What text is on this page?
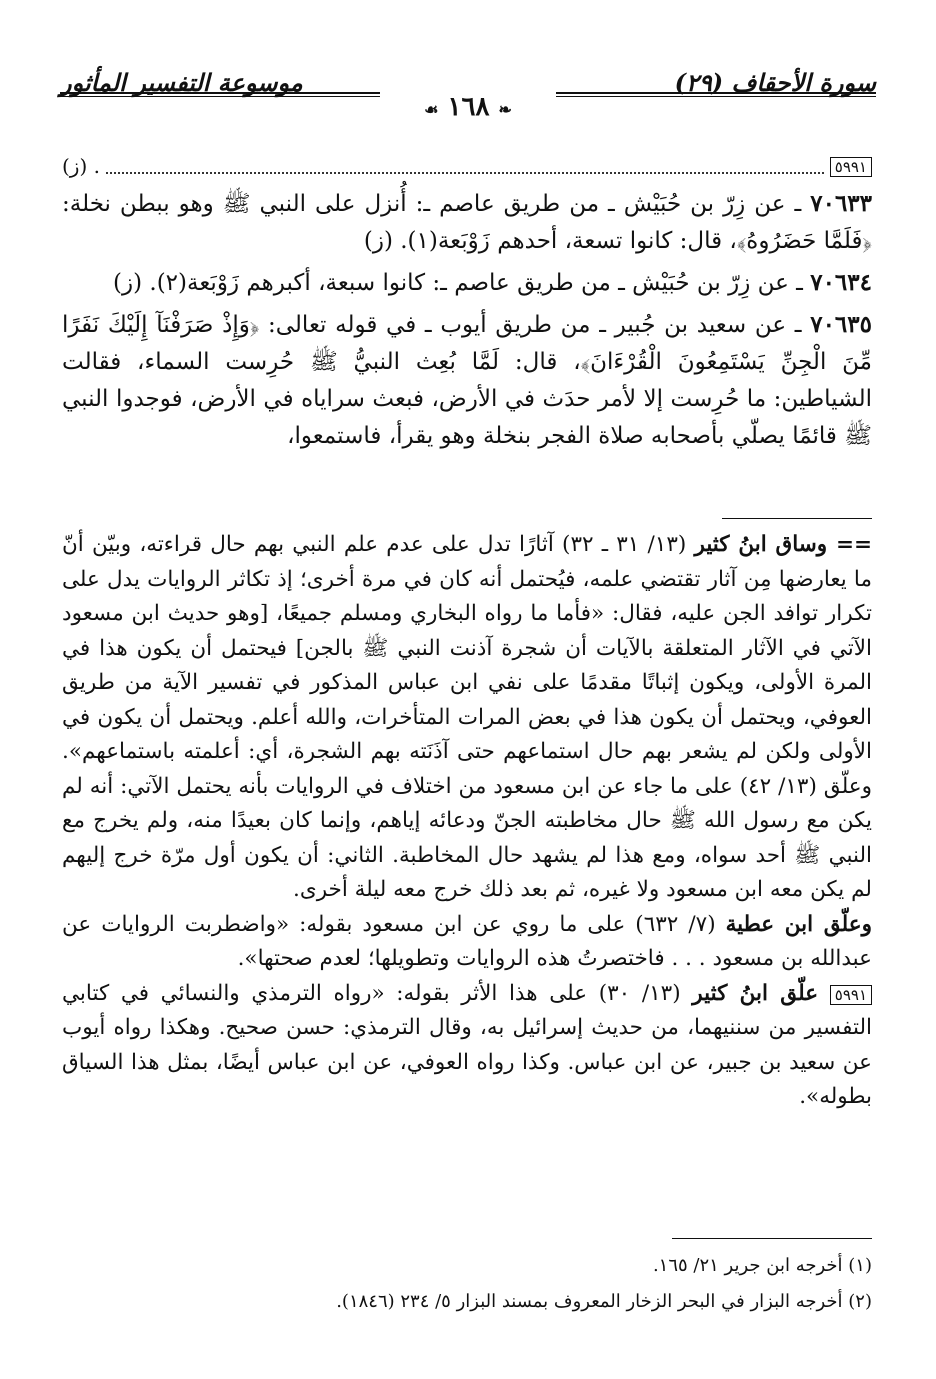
سورة الأحقاف (٢٩)
موسوعة التفسير المأثور
❧ ١٦٨ ☙
٥٩٩١
. (ز)

٧٠٦٣٣ ـ عن زِرّ بن حُبَيْش ـ من طريق عاصم ـ: أُنزل على النبي ﷺ وهو ببطن نخلة: ﴿فَلَمَّا حَضَرُوهُ﴾، قال: كانوا تسعة، أحدهم زَوْبَعة(١). (ز)

٧٠٦٣٤ ـ عن زِرّ بن حُبَيْش ـ من طريق عاصم ـ: كانوا سبعة، أكبرهم زَوْبَعة(٢). (ز)

٧٠٦٣٥ ـ عن سعيد بن جُبير ـ من طريق أيوب ـ في قوله تعالى: ﴿وَإِذْ صَرَفْنَآ إِلَيْكَ نَفَرًا مِّنَ الْجِنِّ يَسْتَمِعُونَ الْقُرْءَانَ﴾، قال: لَمَّا بُعِث النبيُّ ﷺ حُرِست السماء، فقالت الشياطين: ما حُرِست إلا لأمر حدَث في الأرض، فبعث سراياه في الأرض، فوجدوا النبي ﷺ قائمًا يصلّي بأصحابه صلاة الفجر بنخلة وهو يقرأ، فاستمعوا،

== وساق ابنُ كثير (١٣/ ٣١ ـ ٣٢) آثارًا تدل على عدم علم النبي بهم حال قراءته، وبيّن أنّ ما يعارضها مِن آثار تقتضي علمه، فيُحتمل أنه كان في مرة أخرى؛ إذ تكاثر الروايات يدل على تكرار توافد الجن عليه، فقال: «فأما ما رواه البخاري ومسلم جميعًا، [وهو حديث ابن مسعود الآتي في الآثار المتعلقة بالآيات أن شجرة آذنت النبي ﷺ بالجن] فيحتمل أن يكون هذا في المرة الأولى، ويكون إثباتًا مقدمًا على نفي ابن عباس المذكور في تفسير الآية من طريق العوفي، ويحتمل أن يكون هذا في بعض المرات المتأخرات، والله أعلم. ويحتمل أن يكون في الأولى ولكن لم يشعر بهم حال استماعهم حتى آذَنَته بهم الشجرة، أي: أعلمته باستماعهم». وعلّق (١٣/ ٤٢) على ما جاء عن ابن مسعود من اختلاف في الروايات بأنه يحتمل الآتي: أنه لم يكن مع رسول الله ﷺ حال مخاطبته الجنّ ودعائه إياهم، وإنما كان بعيدًا منه، ولم يخرج مع النبي ﷺ أحد سواه، ومع هذا لم يشهد حال المخاطبة. الثاني: أن يكون أول مرّة خرج إليهم لم يكن معه ابن مسعود ولا غيره، ثم بعد ذلك خرج معه ليلة أخرى.

وعلّق ابن عطية (٧/ ٦٣٢) على ما روي عن ابن مسعود بقوله: «واضطربت الروايات عن عبدالله بن مسعود . . . فاختصرتُ هذه الروايات وتطويلها؛ لعدم صحتها».

٥٩٩١ علّق ابنُ كثير (١٣/ ٣٠) على هذا الأثر بقوله: «رواه الترمذي والنسائي في كتابي التفسير من سننيهما، من حديث إسرائيل به، وقال الترمذي: حسن صحيح. وهكذا رواه أيوب عن سعيد بن جبير، عن ابن عباس. وكذا رواه العوفي، عن ابن عباس أيضًا، بمثل هذا السياق بطوله».

(١) أخرجه ابن جرير ٢١/ ١٦٥.

(٢) أخرجه البزار في البحر الزخار المعروف بمسند البزار ٥/ ٢٣٤ (١٨٤٦).
